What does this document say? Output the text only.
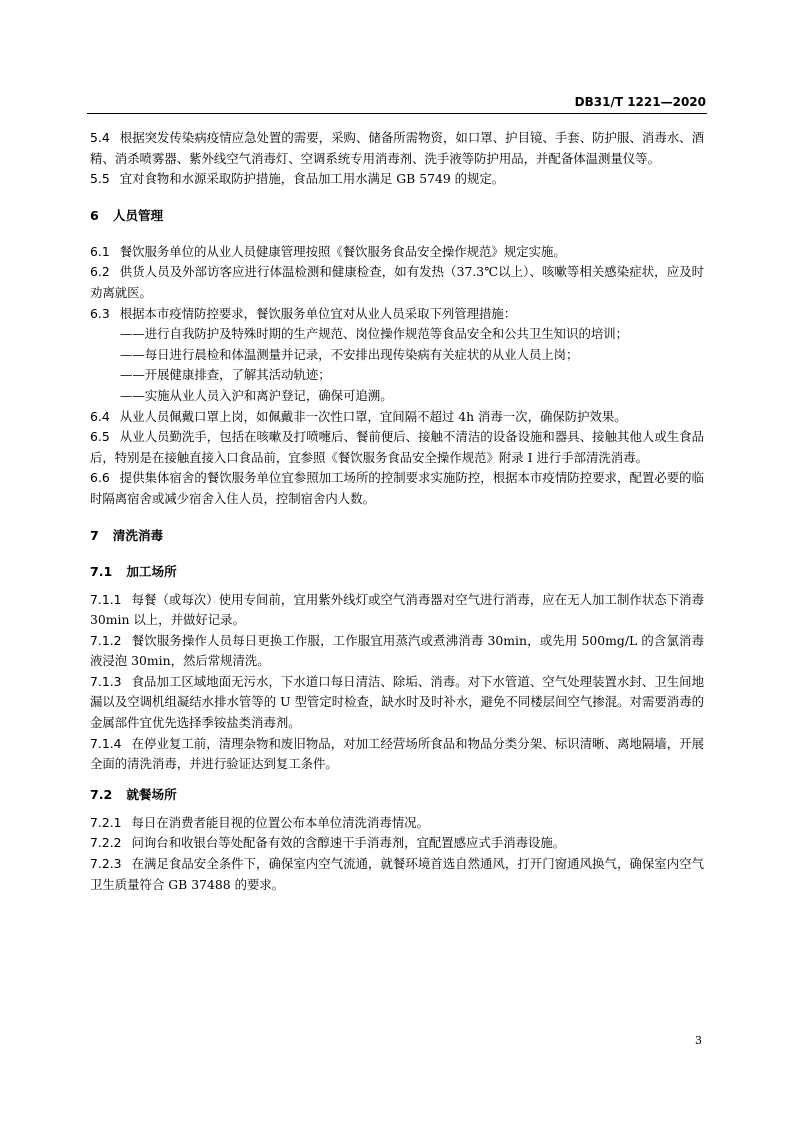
DB31/T 1221—2020

5.4 根据突发传染病疫情应急处置的需要，采购、储备所需物资，如口罩、护目镜、手套、防护服、消毒水、酒精、消杀喷雾器、紫外线空气消毒灯、空调系统专用消毒剂、洗手液等防护用品，并配备体温测量仪等。

5.5 宜对食物和水源采取防护措施，食品加工用水满足 GB 5749 的规定。

6 人员管理

6.1 餐饮服务单位的从业人员健康管理按照《餐饮服务食品安全操作规范》规定实施。

6.2 供货人员及外部访客应进行体温检测和健康检查，如有发热（37.3℃以上）、咳嗽等相关感染症状，应及时劝离就医。

6.3 根据本市疫情防控要求，餐饮服务单位宜对从业人员采取下列管理措施：

——进行自我防护及特殊时期的生产规范、岗位操作规范等食品安全和公共卫生知识的培训；

——每日进行晨检和体温测量并记录，不安排出现传染病有关症状的从业人员上岗；

——开展健康排查，了解其活动轨迹；

——实施从业人员入沪和离沪登记，确保可追溯。

6.4 从业人员佩戴口罩上岗，如佩戴非一次性口罩，宜间隔不超过 4h 消毒一次，确保防护效果。

6.5 从业人员勤洗手，包括在咳嗽及打喷嚏后、餐前便后、接触不清洁的设备设施和器具、接触其他人或生食品后，特别是在接触直接入口食品前，宜参照《餐饮服务食品安全操作规范》附录 I 进行手部清洗消毒。

6.6 提供集体宿舍的餐饮服务单位宜参照加工场所的控制要求实施防控，根据本市疫情防控要求，配置必要的临时隔离宿舍或减少宿舍入住人员，控制宿舍内人数。

7 清洗消毒
7.1 加工场所

7.1.1 每餐（或每次）使用专间前，宜用紫外线灯或空气消毒器对空气进行消毒，应在无人加工制作状态下消毒 30min 以上，并做好记录。

7.1.2 餐饮服务操作人员每日更换工作服，工作服宜用蒸汽或煮沸消毒 30min，或先用 500mg/L 的含氯消毒液浸泡 30min，然后常规清洗。

7.1.3 食品加工区域地面无污水，下水道口每日清洁、除垢、消毒。对下水管道、空气处理装置水封、卫生间地漏以及空调机组凝结水排水管等的 U 型管定时检查，缺水时及时补水，避免不同楼层间空气掺混。对需要消毒的金属部件宜优先选择季铵盐类消毒剂。

7.1.4 在停业复工前，清理杂物和废旧物品，对加工经营场所食品和物品分类分架、标识清晰、离地隔墙，开展全面的清洗消毒，并进行验证达到复工条件。

7.2 就餐场所

7.2.1 每日在消费者能目视的位置公布本单位清洗消毒情况。

7.2.2 问询台和收银台等处配备有效的含醇速干手消毒剂，宜配置感应式手消毒设施。

7.2.3 在满足食品安全条件下，确保室内空气流通，就餐环境首选自然通风，打开门窗通风换气，确保室内空气卫生质量符合 GB 37488 的要求。

3
